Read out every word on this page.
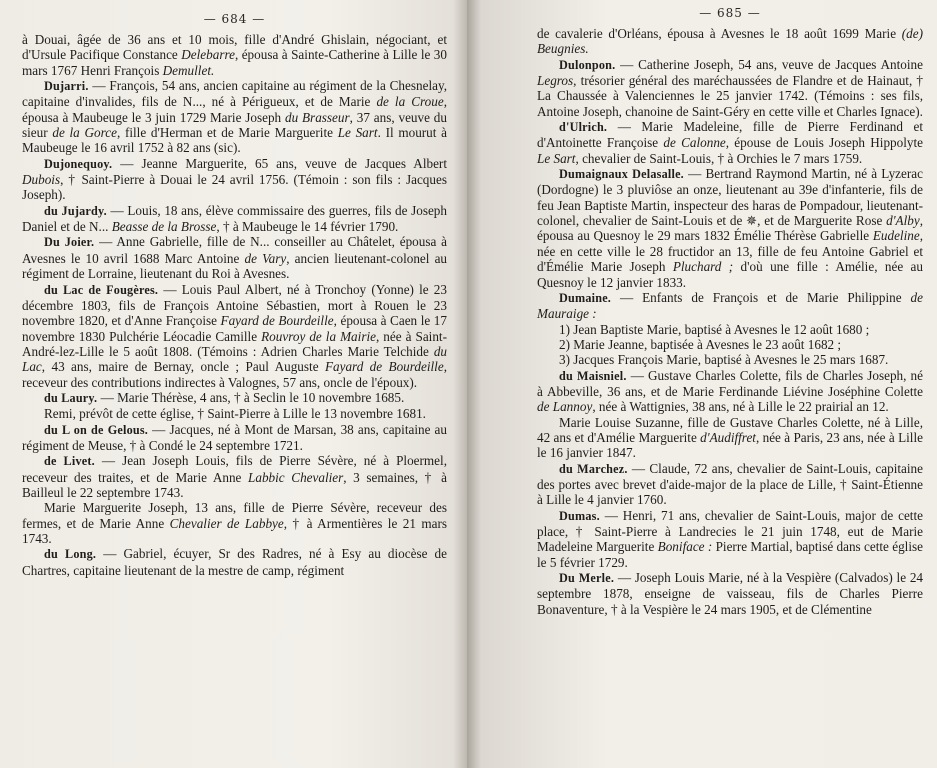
— 684 —

à Douai, âgée de 36 ans et 10 mois, fille d'André Ghislain, négociant, et d'Ursule Pacifique Constance Delebarre, épousa à Sainte-Catherine à Lille le 30 mars 1767 Henri François Demullet.

Dujarri. — François, 54 ans, ancien capitaine au régiment de la Chesnelay, capitaine d'invalides, fils de N..., né à Périgueux, et de Marie de la Croue, épousa à Maubeuge le 3 juin 1729 Marie Joseph du Brasseur, 37 ans, veuve du sieur de la Gorce, fille d'Herman et de Marie Marguerite Le Sart. Il mourut à Maubeuge le 16 avril 1752 à 82 ans (sic).

Dujonequoy. — Jeanne Marguerite, 65 ans, veuve de Jacques Albert Dubois, † Saint-Pierre à Douai le 24 avril 1756. (Témoin : son fils : Jacques Joseph).

du Jujardy. — Louis, 18 ans, élève commissaire des guerres, fils de Joseph Daniel et de N... Beasse de la Brosse, † à Maubeuge le 14 février 1790.

Du Joier. — Anne Gabrielle, fille de N... conseiller au Châtelet, épousa à Avesnes le 10 avril 1688 Marc Antoine de Vary, ancien lieutenant-colonel au régiment de Lorraine, lieutenant du Roi à Avesnes.

du Lac de Fougères. — Louis Paul Albert, né à Tronchoy (Yonne) le 23 décembre 1803, fils de François Antoine Sébastien, mort à Rouen le 23 novembre 1820, et d'Anne Françoise Fayard de Bourdeille, épousa à Caen le 17 novembre 1830 Pulchérie Léocadie Camille Rouvroy de la Mairie, née à Saint-André-lez-Lille le 5 août 1808. (Témoins : Adrien Charles Marie Telchide du Lac, 43 ans, maire de Bernay, oncle ; Paul Auguste Fayard de Bourdeille, receveur des contributions indirectes à Valognes, 57 ans, oncle de l'époux).

du Laury. — Marie Thérèse, 4 ans, † à Seclin le 10 novembre 1685.

Remi, prévôt de cette église, † Saint-Pierre à Lille le 13 novembre 1681.

du L on de Gelous. — Jacques, né à Mont de Marsan, 38 ans, capitaine au régiment de Meuse, † à Condé le 24 septembre 1721.

de Livet. — Jean Joseph Louis, fils de Pierre Sévère, né à Ploermel, receveur des traites, et de Marie Anne Labbic Chevalier, 3 semaines, † à Bailleul le 22 septembre 1743.

Marie Marguerite Joseph, 13 ans, fille de Pierre Sévère, receveur des fermes, et de Marie Anne Chevalier de Labbye, † à Armentières le 21 mars 1743.

du Long. — Gabriel, écuyer, Sr des Radres, né à Esy au diocèse de Chartres, capitaine lieutenant de la mestre de camp, régiment

— 685 —

de cavalerie d'Orléans, épousa à Avesnes le 18 août 1699 Marie (de) Beugnies.

Dulonpon. — Catherine Joseph, 54 ans, veuve de Jacques Antoine Legros, trésorier général des maréchaussées de Flandre et de Hainaut, † La Chaussée à Valenciennes le 25 janvier 1742. (Témoins : ses fils, Antoine Joseph, chanoine de Saint-Géry en cette ville et Charles Ignace).

d'Ulrich. — Marie Madeleine, fille de Pierre Ferdinand et d'Antoinette Françoise de Calonne, épouse de Louis Joseph Hippolyte Le Sart, chevalier de Saint-Louis, † à Orchies le 7 mars 1759.

Dumaignaux Delasalle. — Bertrand Raymond Martin, né à Lyzerac (Dordogne) le 3 pluviôse an onze, lieutenant au 39e d'infanterie, fils de feu Jean Baptiste Martin, inspecteur des haras de Pompadour, lieutenant-colonel, chevalier de Saint-Louis et de ✵, et de Marguerite Rose d'Alby, épousa au Quesnoy le 29 mars 1832 Émélie Thérèse Gabrielle Eudeline, née en cette ville le 28 fructidor an 13, fille de feu Antoine Gabriel et d'Émélie Marie Joseph Pluchard ; d'où une fille : Amélie, née au Quesnoy le 12 janvier 1833.

Dumaine. — Enfants de François et de Marie Philippine de Mauraige :

1) Jean Baptiste Marie, baptisé à Avesnes le 12 août 1680 ;

2) Marie Jeanne, baptisée à Avesnes le 23 août 1682 ;

3) Jacques François Marie, baptisé à Avesnes le 25 mars 1687.

du Maisniel. — Gustave Charles Colette, fils de Charles Joseph, né à Abbeville, 36 ans, et de Marie Ferdinande Liévine Joséphine Colette de Lannoy, née à Wattignies, 38 ans, né à Lille le 22 prairial an 12.

Marie Louise Suzanne, fille de Gustave Charles Colette, né à Lille, 42 ans et d'Amélie Marguerite d'Audiffret, née à Paris, 23 ans, née à Lille le 16 janvier 1847.

du Marchez. — Claude, 72 ans, chevalier de Saint-Louis, capitaine des portes avec brevet d'aide-major de la place de Lille, † Saint-Étienne à Lille le 4 janvier 1760.

Dumas. — Henri, 71 ans, chevalier de Saint-Louis, major de cette place, † Saint-Pierre à Landrecies le 21 juin 1748, eut de Marie Madeleine Marguerite Boniface : Pierre Martial, baptisé dans cette église le 5 février 1729.

Du Merle. — Joseph Louis Marie, né à la Vespière (Calvados) le 24 septembre 1878, enseigne de vaisseau, fils de Charles Pierre Bonaventure, † à la Vespière le 24 mars 1905, et de Clémentine
